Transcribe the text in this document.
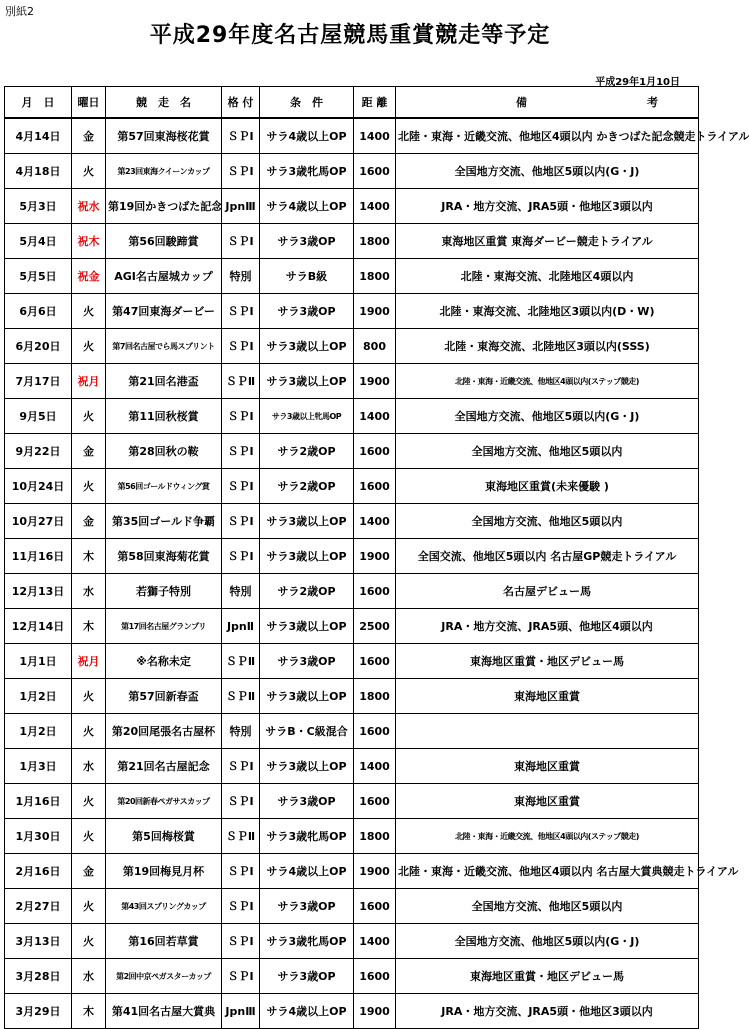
別紙2
平成29年度名古屋競馬重賞競走等予定
平成29年1月10日
月　日	曜日	競　走　名	格 付	条　件	距 離	備 考
4月14日	金	第57回東海桜花賞	ＳＰⅠ	サラ4歳以上OP	1400	北陸・東海・近畿交流、他地区4頭以内 かきつばた記念競走トライアル
4月18日	火	第23回東海クイーンカップ	ＳＰⅠ	サラ3歳牝馬OP	1600	全国地方交流、他地区5頭以内(G・J)
5月3日	祝水	第19回かきつばた記念	JpnⅢ	サラ4歳以上OP	1400	JRA・地方交流、JRA5頭・他地区3頭以内
5月4日	祝木	第56回駿蹄賞	ＳＰⅠ	サラ3歳OP	1800	東海地区重賞 東海ダービー競走トライアル
5月5日	祝金	AGI名古屋城カップ	特別	サラB級	1800	北陸・東海交流、北陸地区4頭以内
6月6日	火	第47回東海ダービー	ＳＰⅠ	サラ3歳OP	1900	北陸・東海交流、北陸地区3頭以内(D・W)
6月20日	火	第7回名古屋でら馬スプリント	ＳＰⅠ	サラ3歳以上OP	800	北陸・東海交流、北陸地区3頭以内(SSS)
7月17日	祝月	第21回名港盃	ＳＰⅡ	サラ3歳以上OP	1900	北陸・東海・近畿交流、他地区4頭以内(ステップ競走)
9月5日	火	第11回秋桜賞	ＳＰⅠ	サラ3歳以上牝馬OP	1400	全国地方交流、他地区5頭以内(G・J)
9月22日	金	第28回秋の鞍	ＳＰⅠ	サラ2歳OP	1600	全国地方交流、他地区5頭以内
10月24日	火	第56回ゴールドウィング賞	ＳＰⅠ	サラ2歳OP	1600	東海地区重賞(未来優駿 )
10月27日	金	第35回ゴールド争覇	ＳＰⅠ	サラ3歳以上OP	1400	全国地方交流、他地区5頭以内
11月16日	木	第58回東海菊花賞	ＳＰⅠ	サラ3歳以上OP	1900	全国交流、他地区5頭以内 名古屋GP競走トライアル
12月13日	水	若獅子特別	特別	サラ2歳OP	1600	名古屋デビュー馬
12月14日	木	第17回名古屋グランプリ	JpnⅡ	サラ3歳以上OP	2500	JRA・地方交流、JRA5頭、他地区4頭以内
1月1日	祝月	※名称未定	ＳＰⅡ	サラ3歳OP	1600	東海地区重賞・地区デビュー馬
1月2日	火	第57回新春盃	ＳＰⅡ	サラ3歳以上OP	1800	東海地区重賞
1月2日	火	第20回尾張名古屋杯	特別	サラB・C級混合	1600	
1月3日	水	第21回名古屋記念	ＳＰⅠ	サラ3歳以上OP	1400	東海地区重賞
1月16日	火	第20回新春ペガサスカップ	ＳＰⅠ	サラ3歳OP	1600	東海地区重賞
1月30日	火	第5回梅桜賞	ＳＰⅡ	サラ3歳牝馬OP	1800	北陸・東海・近畿交流、他地区4頭以内(ステップ競走)
2月16日	金	第19回梅見月杯	ＳＰⅠ	サラ4歳以上OP	1900	北陸・東海・近畿交流、他地区4頭以内 名古屋大賞典競走トライアル
2月27日	火	第43回スプリングカップ	ＳＰⅠ	サラ3歳OP	1600	全国地方交流、他地区5頭以内
3月13日	火	第16回若草賞	ＳＰⅠ	サラ3歳牝馬OP	1400	全国地方交流、他地区5頭以内(G・J)
3月28日	水	第2回中京ペガスターカップ	ＳＰⅠ	サラ3歳OP	1600	東海地区重賞・地区デビュー馬
3月29日	木	第41回名古屋大賞典	JpnⅢ	サラ4歳以上OP	1900	JRA・地方交流、JRA5頭・他地区3頭以内
